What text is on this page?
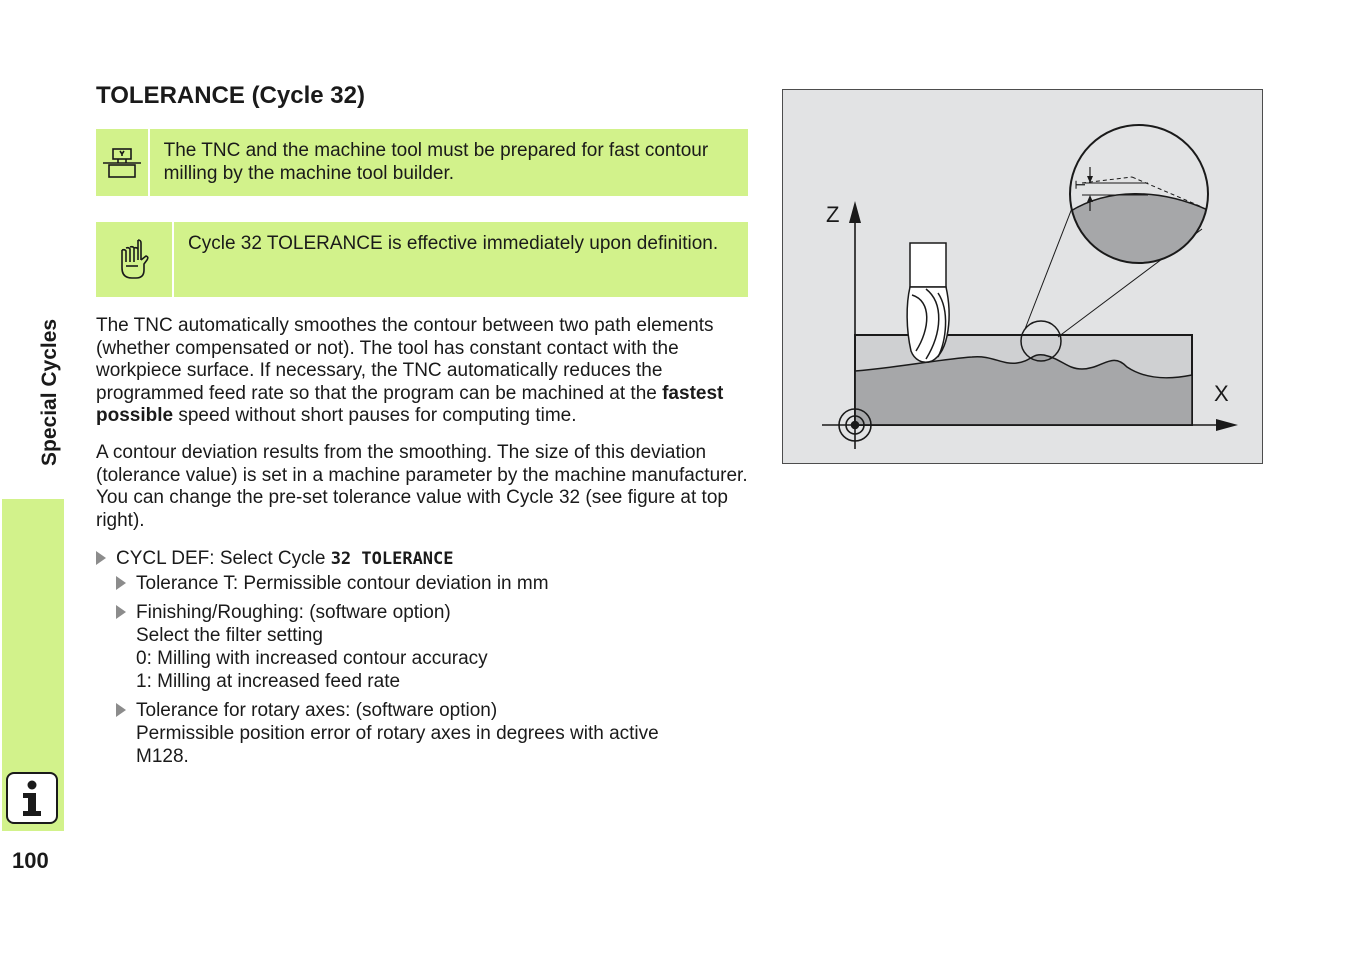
Special Cycles
100
TOLERANCE (Cycle 32)
The TNC and the machine tool must be prepared for fast contour milling by the machine tool builder.
Cycle 32 TOLERANCE is effective immediately upon definition.

The TNC automatically smoothes the contour between two path elements (whether compensated or not). The tool has constant contact with the workpiece surface. If necessary, the TNC automatically reduces the programmed feed rate so that the program can be machined at the fastest possible speed without short pauses for computing time.

A contour deviation results from the smoothing. The size of this deviation (tolerance value) is set in a machine parameter by the machine manufacturer. You can change the pre-set tolerance value with Cycle 32 (see figure at top right).

CYCL DEF: Select Cycle 32 TOLERANCE
Tolerance T: Permissible contour deviation in mm
Finishing/Roughing: (software option)
Select the filter setting
0: Milling with increased contour accuracy
1: Milling at increased feed rate
Tolerance for rotary axes: (software option)
Permissible position error of rotary axes in degrees with active
M128.
Z
X
T
